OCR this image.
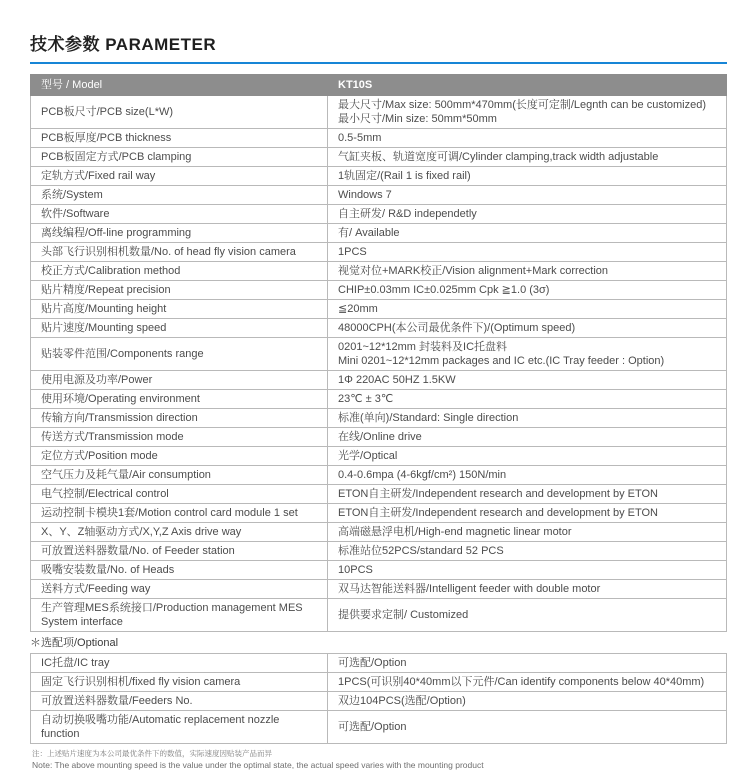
技术参数 PARAMETER
型号 / Model	KT10S
PCB板尺寸/PCB size(L*W)	最大尺寸/Max size: 500mm*470mm(长度可定制/Legnth can be customized)
最小尺寸/Min size: 50mm*50mm

PCB板厚度/PCB thickness	0.5-5mm

PCB板固定方式/PCB clamping	气缸夹板、轨道宽度可调/Cylinder clamping,track width adjustable

定轨方式/Fixed rail way	1轨固定/(Rail 1 is fixed rail)

系统/System	Windows 7

软件/Software	自主研发/ R&D independetly

离线编程/Off-line programming	有/ Available

头部飞行识别相机数量/No. of head fly vision camera	1PCS

校正方式/Calibration method	视觉对位+MARK校正/Vision alignment+Mark correction

贴片精度/Repeat precision	CHIP±0.03mm IC±0.025mm Cpk ≧1.0 (3σ)

贴片高度/Mounting height	≦20mm

贴片速度/Mounting speed	48000CPH(本公司最优条件下)/(Optimum speed)

贴装零件范围/Components range	0201~12*12mm 封装料及IC托盘料
Mini 0201~12*12mm packages and IC etc.(IC Tray feeder : Option)

使用电源及功率/Power	1Φ 220AC 50HZ 1.5KW

使用环境/Operating environment	23℃ ± 3℃

传输方向/Transmission direction	标准(单向)/Standard: Single direction

传送方式/Transmission mode	在线/Online drive

定位方式/Position mode	光学/Optical

空气压力及耗气量/Air consumption	0.4-0.6mpa (4-6kgf/cm²) 150N/min

电气控制/Electrical control	ETON自主研发/Independent research and development by ETON

运动控制卡模块1套/Motion control card module 1 set	ETON自主研发/Independent research and development by ETON

X、Y、Z轴驱动方式/X,Y,Z Axis drive way	高端磁悬浮电机/High-end magnetic linear motor

可放置送料器数量/No. of Feeder station	标准站位52PCS/standard 52 PCS

吸嘴安装数量/No. of Heads	10PCS

送料方式/Feeding way	双马达智能送料器/Intelligent feeder with double motor

生产管理MES系统接口/Production management MES System interface	提供要求定制/ Customized
＊选配项/Optional
IC托盘/IC tray	可选配/Option

固定飞行识别相机/fixed fly vision camera	1PCS(可识别40*40mm以下元件/Can identify components below 40*40mm)

可放置送料器数量/Feeders No.	双边104PCS(选配/Option)

自动切换吸嘴功能/Automatic replacement nozzle function	可选配/Option
注：上述贴片速度为本公司最优条件下的数值，实际速度因贴装产品而异
Note: The above mounting speed is the value under the optimal state, the actual speed varies with the mounting product
